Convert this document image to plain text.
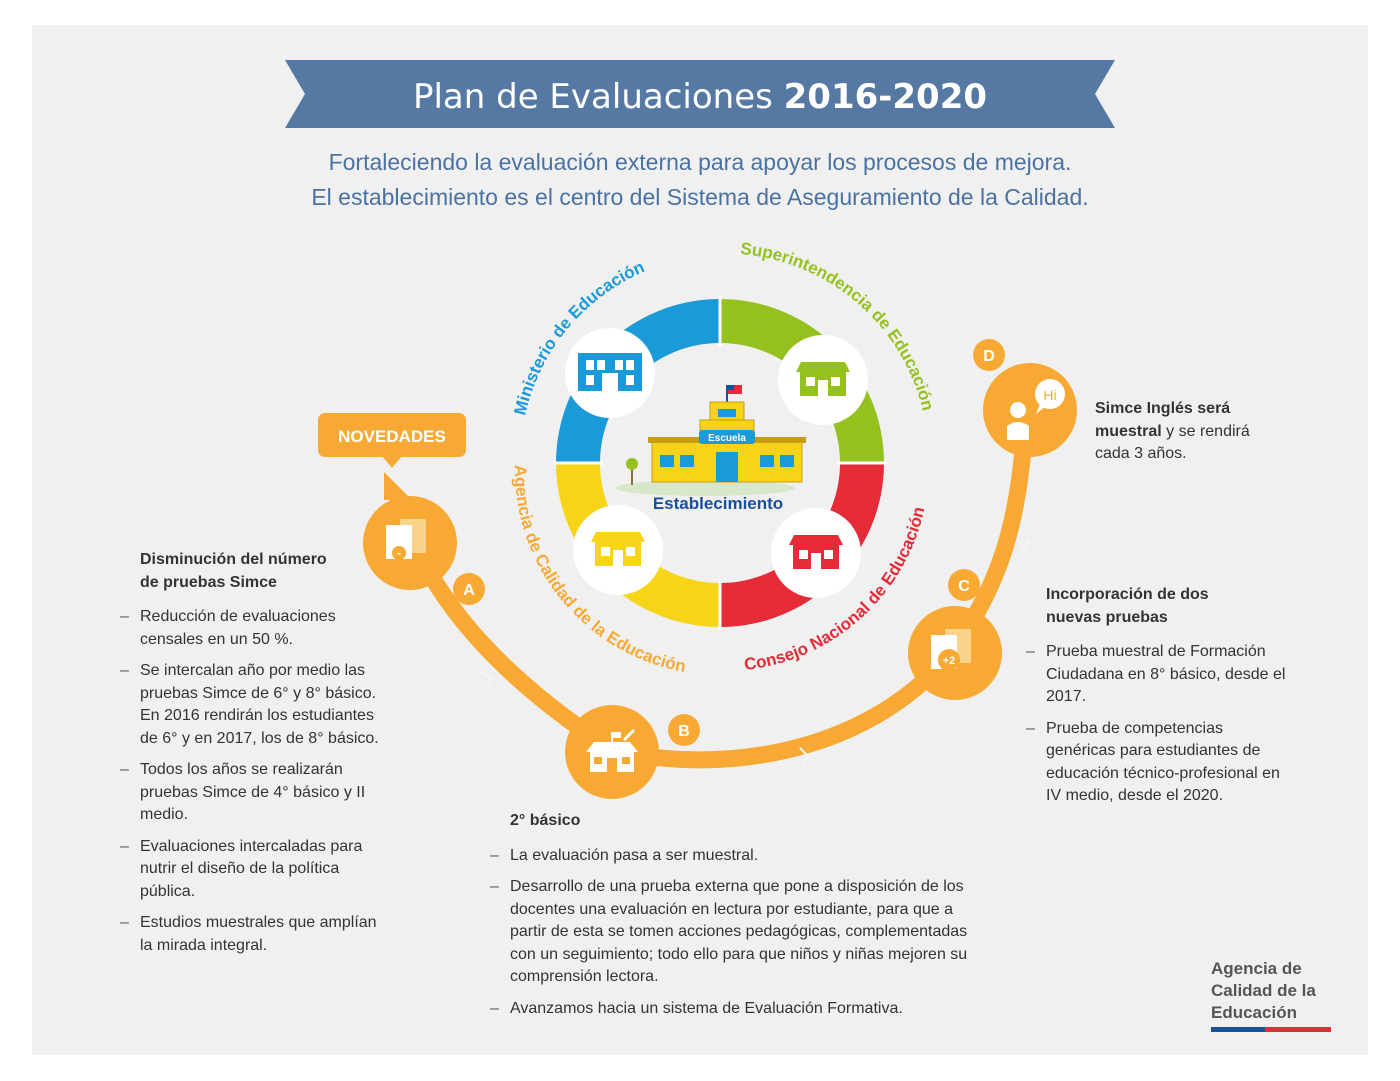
Plan de Evaluaciones 2016-2020
NOVEDADES	Escuela
Establecimiento
Ministerio de Educación
Superintendencia de Educación
Agencia de Calidad de la Educación	Consejo Nacional de Educación
-
A
B
+2
C
Hi
D
Fortaleciendo la evaluación externa para apoyar los procesos de mejora.
El establecimiento es el centro del Sistema de Aseguramiento de la Calidad.
Disminución del número
de pruebas Simce
– Reducción de evaluaciones censales en un 50 %.
– Se intercalan año por medio las pruebas Simce de 6° y 8° básico. En 2016 rendirán los estudiantes de 6° y en 2017, los de 8° básico.
– Todos los años se realizarán pruebas Simce de 4° básico y II medio.
– Evaluaciones intercaladas para nutrir el diseño de la política pública.
– Estudios muestrales que amplían la mirada integral.
2° básico
– La evaluación pasa a ser muestral.
– Desarrollo de una prueba externa que pone a disposición de los docentes una evaluación en lectura por estudiante, para que a partir de esta se tomen acciones pedagógicas, complementadas con un seguimiento; todo ello para que niños y niñas mejoren su comprensión lectora.
– Avanzamos hacia un sistema de Evaluación Formativa.
Incorporación de dos
nuevas pruebas
– Prueba muestral de Formación Ciudadana en 8° básico, desde el 2017.
– Prueba de competencias genéricas para estudiantes de educación técnico-profesional en IV medio, desde el 2020.
Simce Inglés será muestral y se rendirá cada 3 años.
Agencia de
Calidad de la
Educación
